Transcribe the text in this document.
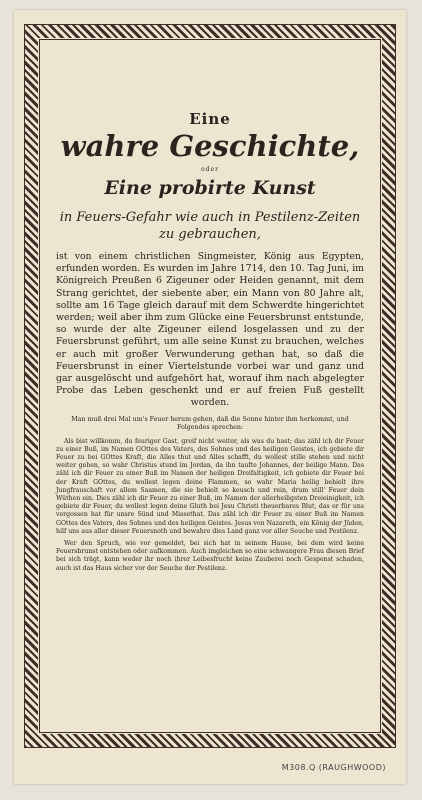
Eine
wahre Geschichte,
oder
Eine probirte Kunst
in Feuers-Gefahr wie auch in Pestilenz-Zeiten zu gebrauchen,
ist von einem christlichen Singmeister, König aus Egypten, erfunden worden. Es wurden im Jahre 1714, den 10. Tag Juni, im Königreich Preußen 6 Zigeuner oder Heiden genannt, mit dem Strang gerichtet, der siebente aber, ein Mann von 80 Jahre alt, sollte am 16 Tage gleich darauf mit dem Schwerdte hingerichtet werden; weil aber ihm zum Glücke eine Feuersbrunst entstunde, so wurde der alte Zigeuner eilend losgelassen und zu der Feuersbrunst geführt, um alle seine Kunst zu brauchen, welches er auch mit großer Verwunderung gethan hat, so daß die Feuersbrunst in einer Viertelstunde vorbei war und ganz und gar ausgelöscht und aufgehört hat, worauf ihm nach abgelegter Probe das Leben geschenkt und er auf freien Fuß gestellt worden.
Man muß drei Mal um's Feuer herum gehen, daß die Sonne hinter ihm herkommt, und Folgendes sprechen:

Als bist willkomm, du feuriger Gast, greif nicht weiter, als was du hast; das zähl ich dir Feuer zu einer Buß, im Namen GOttes des Vaters, des Sohnes und des heiligen Geistes, ich gebiete dir Feuer zu bei GOttes Kraft, die Alles thut und Alles schafft, du wollest stille stehen und nicht weiter gehen, so wahr Christus stund im Jordan, da ihn taufte Johannes, der heilige Mann. Das zähl ich dir Feuer zu einer Buß im Namen der heiligen Dreifaltigkeit, ich gebiete dir Feuer bei der Kraft GOttes, du wollest legen deine Flammen, so wahr Maria heilig behielt ihre Jungfrauschaft vor allem Saamen, die sie behielt so keusch und rein, drum still' Feuer dein Wüthen ein. Dies zähl ich dir Feuer zu einer Buß, im Namen der allerheiligsten Dreieinigkeit, ich gebiete dir Feuer, du wollest legen deine Gluth bei Jesu Christi theuerbares Blut, das er für uns vergossen hat für unsre Sünd und Missethat. Das zähl ich dir Feuer zu einer Buß im Namen GOttes des Vaters, des Sohnes und des heiligen Geistes. Jesus von Nazareth, ein König der Jüden, hilf uns aus aller dieser Feuersnoth und bewahre dies Land ganz vor aller Seuche und Pestilenz.

Wer den Spruch, wie vor gemeldet, bei sich hat in seinem Hause, bei dem wird keine Feuersbrunst entstehen oder aufkommen. Auch imgleichen so eine schwangere Frau diesen Brief bei sich trägt, kann weder ihr noch ihrer Leibesfrucht keine Zauberei noch Gespenst schaden, auch ist das Haus sicher vor der Seuche der Pestilenz.

M308.Q (RAUGHWOOD)
